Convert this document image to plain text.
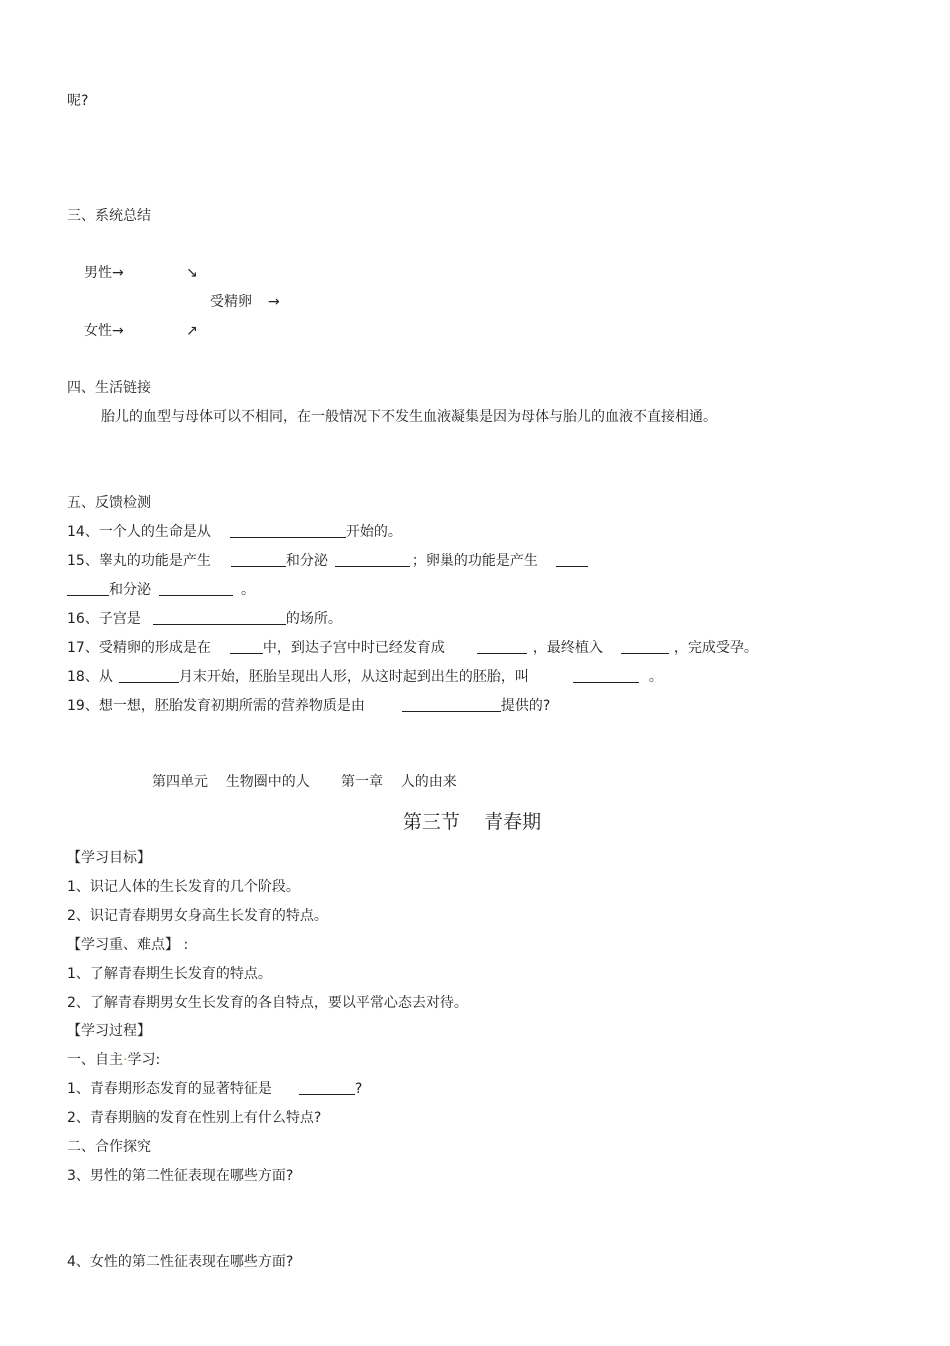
呢?
三、系统总结
男性→	↘
受精卵 →
女性→	↗
四、生活链接
胎儿的血型与母体可以不相同，在一般情况下不发生血液凝集是因为母体与胎儿的血液不直接相通。
五、反馈检测
14、一个人的生命是从	开始的。
15、睾丸的功能是产生	和分泌	；卵巢的功能是产生
和分泌	。
16、子宫是	的场所。
17、受精卵的形成是在	中，到达子宫中时已经发育成	，最终植入	，完成受孕。
18、从	月末开始，胚胎呈现出人形，从这时起到出生的胚胎，叫	。
19、想一想，胚胎发育初期所需的营养物质是由	提供的?
第四单元    生物圈中的人       第一章    人的由来
第三节    青春期
【学习目标】
1、识记人体的生长发育的几个阶段。
2、识记青春期男女身高生长发育的特点。
【学习重、难点】 :
1、了解青春期生长发育的特点。
2、了解青春期男女生长发育的各自特点，要以平常心态去对待。
【学习过程】
一、自主·学习:
1、青春期形态发育的显著特征是	?
2、青春期脑的发育在性别上有什么特点?
二、合作探究
3、男性的第二性征表现在哪些方面?
4、女性的第二性征表现在哪些方面?
